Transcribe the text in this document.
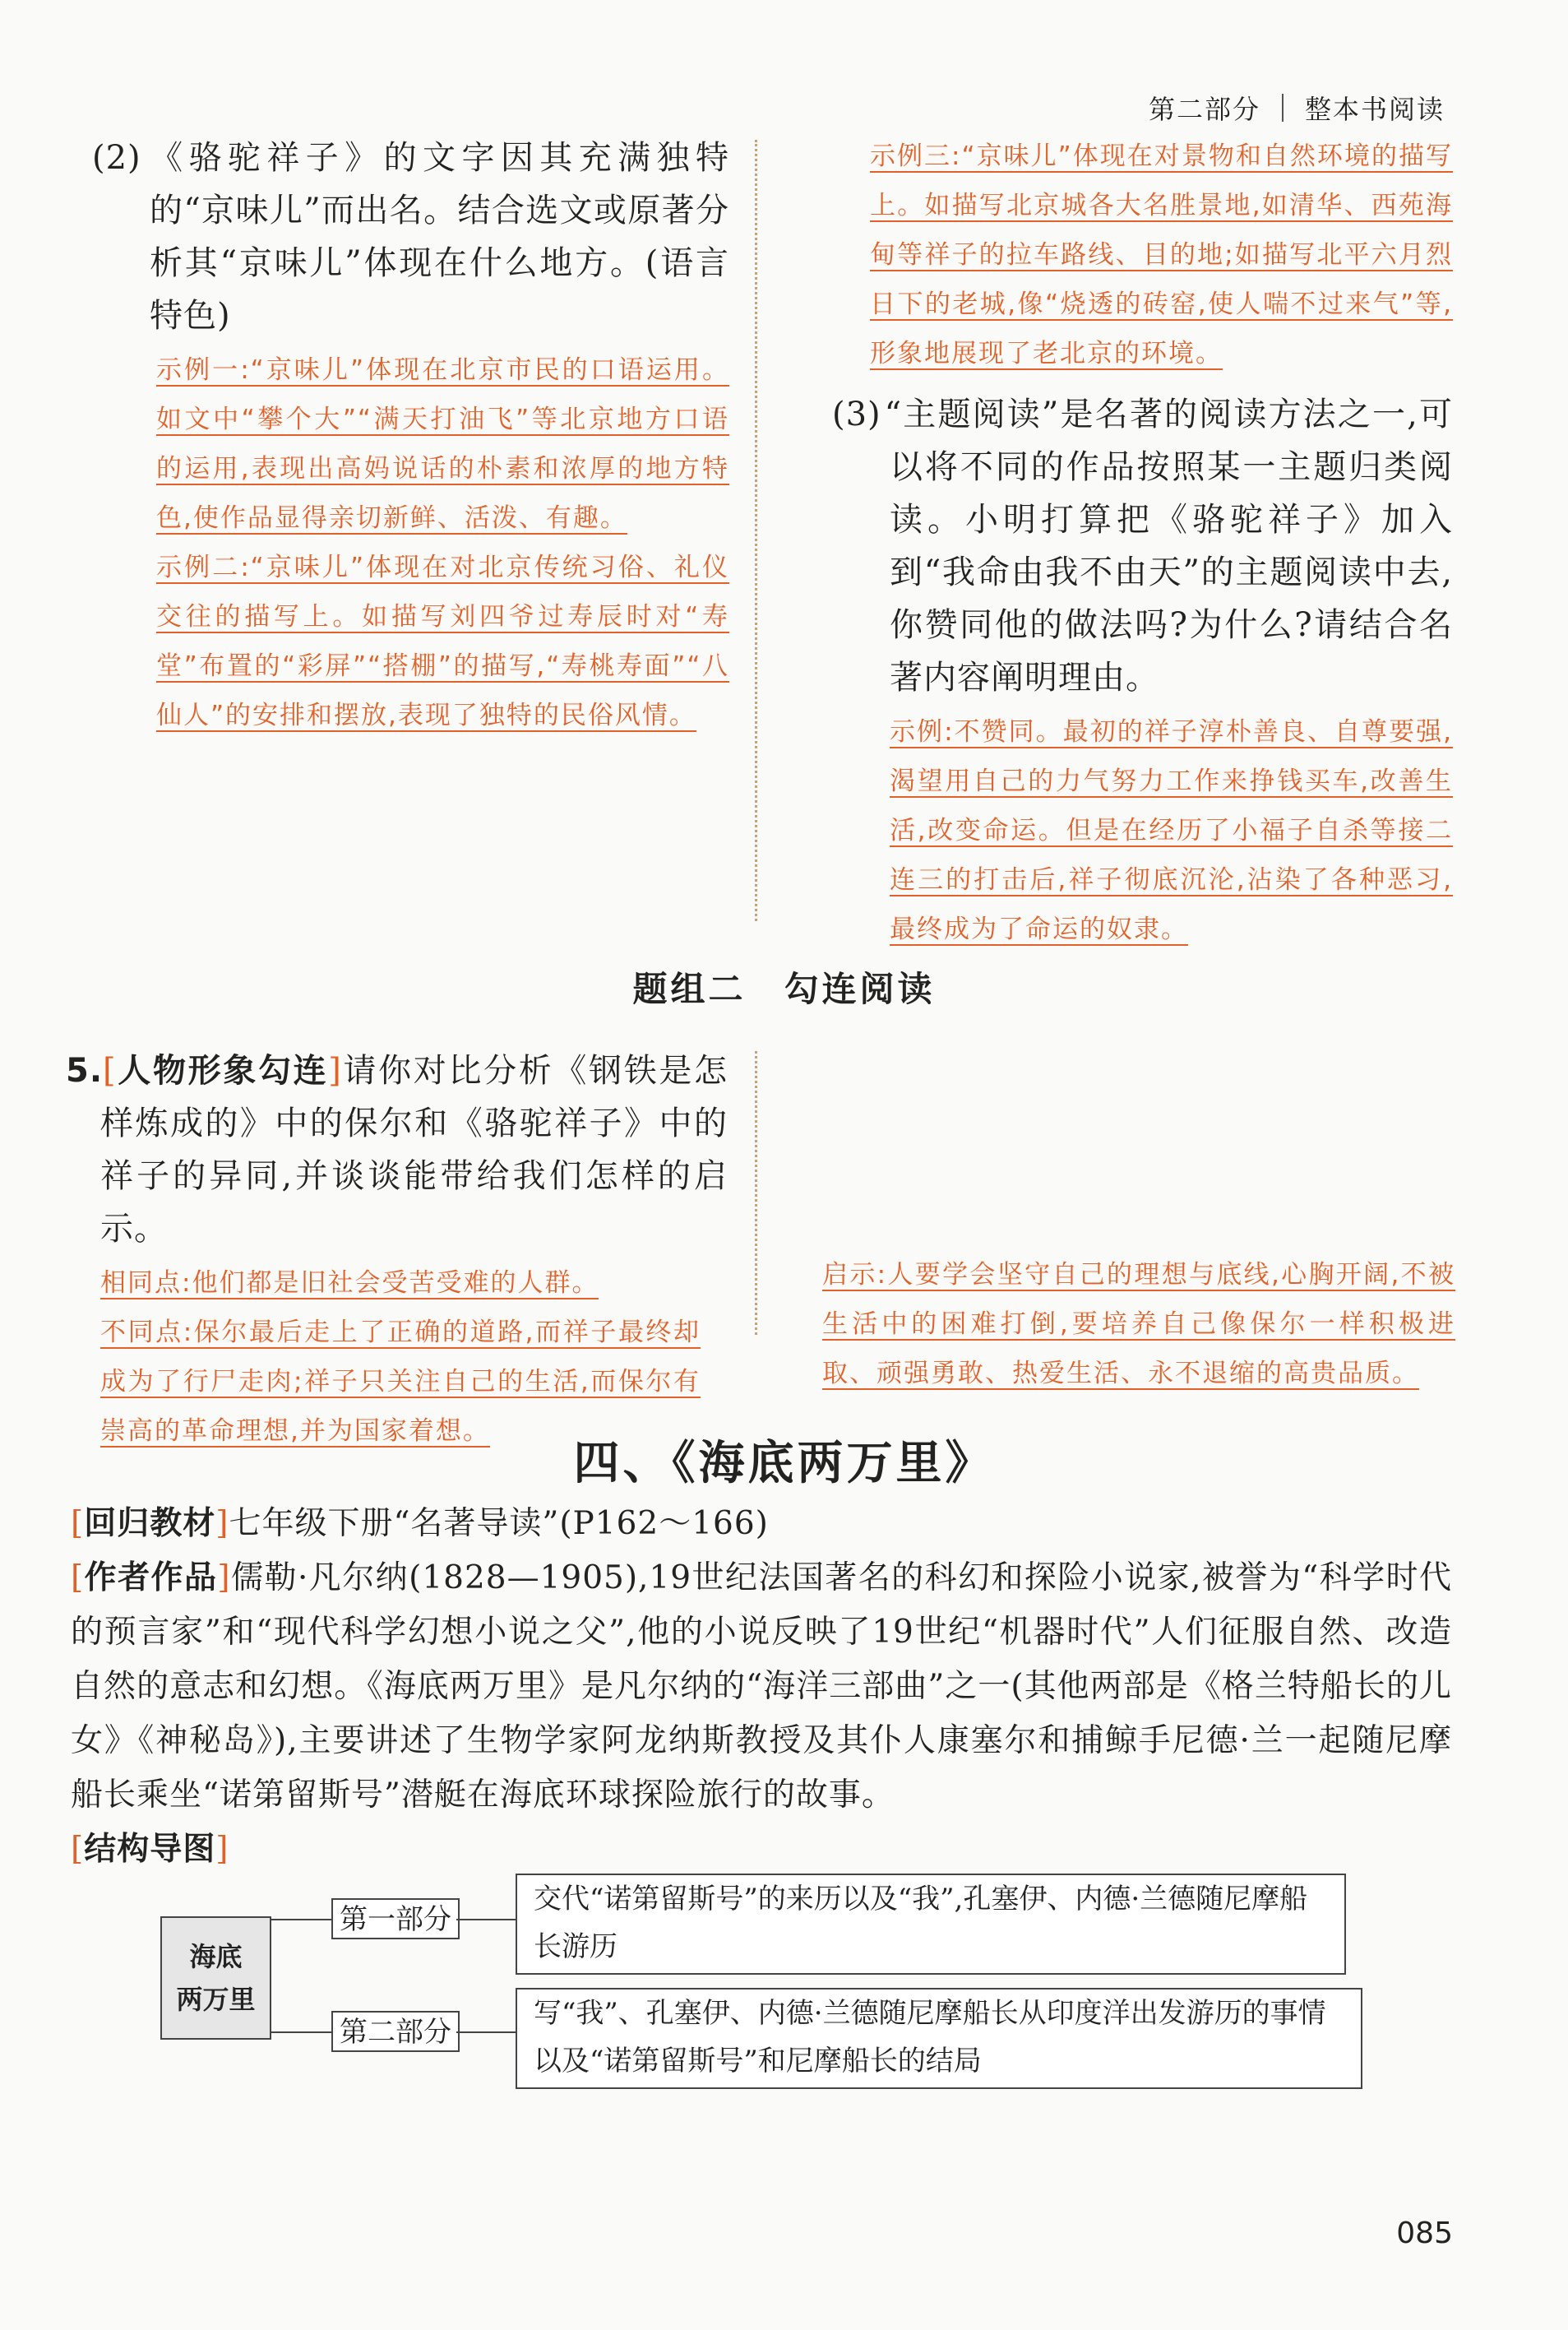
第二部分 整本书阅读
(2) 《骆驼祥子》的文字因其充满独特的“京味儿”而出名。结合选文或原著分析其“京味儿”体现在什么地方。(语言特色)
示例一:“京味儿”体现在北京市民的口语运用。如文中“攀个大”“满天打油飞”等北京地方口语的运用,表现出高妈说话的朴素和浓厚的地方特色,使作品显得亲切新鲜、活泼、有趣。
示例二:“京味儿”体现在对北京传统习俗、礼仪交往的描写上。如描写刘四爷过寿辰时对“寿堂”布置的“彩屏”“搭棚”的描写,“寿桃寿面”“八仙人”的安排和摆放,表现了独特的民俗风情。
示例三:“京味儿”体现在对景物和自然环境的描写上。如描写北京城各大名胜景地,如清华、西苑海甸等祥子的拉车路线、目的地;如描写北平六月烈日下的老城,像“烧透的砖窑,使人喘不过来气”等,形象地展现了老北京的环境。
(3) “主题阅读”是名著的阅读方法之一,可以将不同的作品按照某一主题归类阅读。小明打算把《骆驼祥子》加入到“我命由我不由天”的主题阅读中去,你赞同他的做法吗?为什么?请结合名著内容阐明理由。
示例:不赞同。最初的祥子淳朴善良、自尊要强,渴望用自己的力气努力工作来挣钱买车,改善生活,改变命运。但是在经历了小福子自杀等接二连三的打击后,祥子彻底沉沦,沾染了各种恶习,最终成为了命运的奴隶。
题组二　勾连阅读
5.[人物形象勾连]请你对比分析《钢铁是怎样炼成的》中的保尔和《骆驼祥子》中的祥子的异同,并谈谈能带给我们怎样的启示。
相同点:他们都是旧社会受苦受难的人群。
不同点:保尔最后走上了正确的道路,而祥子最终却成为了行尸走肉;祥子只关注自己的生活,而保尔有崇高的革命理想,并为国家着想。
启示:人要学会坚守自己的理想与底线,心胸开阔,不被生活中的困难打倒,要培养自己像保尔一样积极进取、顽强勇敢、热爱生活、永不退缩的高贵品质。
四、《海底两万里》
[回归教材]七年级下册“名著导读”(P162～166)
[作者作品]儒勒·凡尔纳(1828—1905),19世纪法国著名的科幻和探险小说家,被誉为“科学时代的预言家”和“现代科学幻想小说之父”,他的小说反映了19世纪“机器时代”人们征服自然、改造自然的意志和幻想。《海底两万里》是凡尔纳的“海洋三部曲”之一(其他两部是《格兰特船长的儿女》《神秘岛》),主要讲述了生物学家阿龙纳斯教授及其仆人康塞尔和捕鲸手尼德·兰一起随尼摩船长乘坐“诺第留斯号”潜艇在海底环球探险旅行的故事。
[结构导图]
海底
两万里
第一部分
交代“诺第留斯号”的来历以及“我”,孔塞伊、内德·兰德随尼摩船长游历
第二部分
写“我”、孔塞伊、内德·兰德随尼摩船长从印度洋出发游历的事情以及“诺第留斯号”和尼摩船长的结局
085
